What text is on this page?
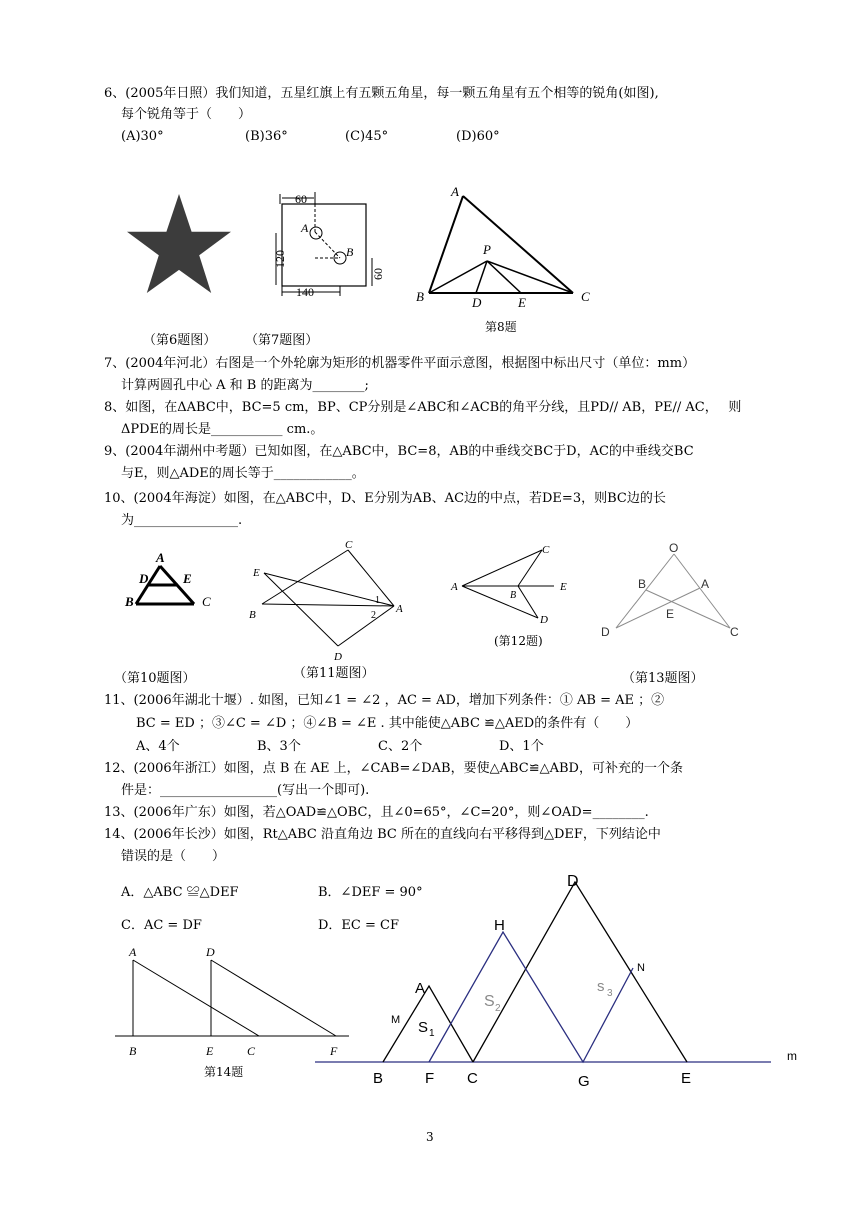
6、(2005年日照）我们知道，五星红旗上有五颗五角星，每一颗五角星有五个相等的锐角(如图),
每个锐角等于（　　）
(A)30°	(B)36°	(C)45°	(D)60°
（第6题图）
60
120
60
140
A
B
（第7题图）
A
P
B	D	E	C
第8题
7、(2004年河北）右图是一个外轮廓为矩形的机器零件平面示意图，根据图中标出尺寸（单位：mm）
计算两圆孔中心 A 和 B 的距离为________;
8、如图，在ΔABC中，BC=5 cm，BP、CP分别是∠ABC和∠ACB的角平分线，且PD// AB，PE// AC，　 则
ΔPDE的周长是___________ cm.。
9、(2004年湖州中考题）已知如图，在△ABC中，BC=8，AB的中垂线交BC于D，AC的中垂线交BC
与E，则△ADE的周长等于____________。
10、(2004年海淀）如图，在△ABC中，D、E分别为AB、AC边的中点，若DE=3，则BC边的长
为________________.
A
D	E
B	C
（第10题图）
C
E
B	A
D
1
2
（第11题图）
C
A	E
B
D
(第12题)
O
B	A
E
D	C
（第13题图）
11、(2006年湖北十堰）. 如图，已知∠1 = ∠2 ，AC = AD，增加下列条件：① AB = AE ；②
BC = ED ；③∠C = ∠D ；④∠B = ∠E . 其中能使△ABC ≌△AED的条件有（　　）
A、4个	B、3个	C、2个	D、1个
12、(2006年浙江）如图，点 B 在 AE 上，∠CAB=∠DAB，要使△ABC≌△ABD，可补充的一个条
件是：__________________(写出一个即可).
13、(2006年广东）如图，若△OAD≌△OBC，且∠0=65°，∠C=20°，则∠OAD=________.
14、(2006年长沙）如图，Rt△ABC 沿直角边 BC 所在的直线向右平移得到△DEF，下列结论中
错误的是（　　）
A．△ABC ≌△DEF	B．∠DEF = 90°
C．AC = DF	D．EC = CF
A	D
B	E	C	F
第14题
D
H
N
A
M S 1
S 2
s 3
B	F C	G	E
m
3
